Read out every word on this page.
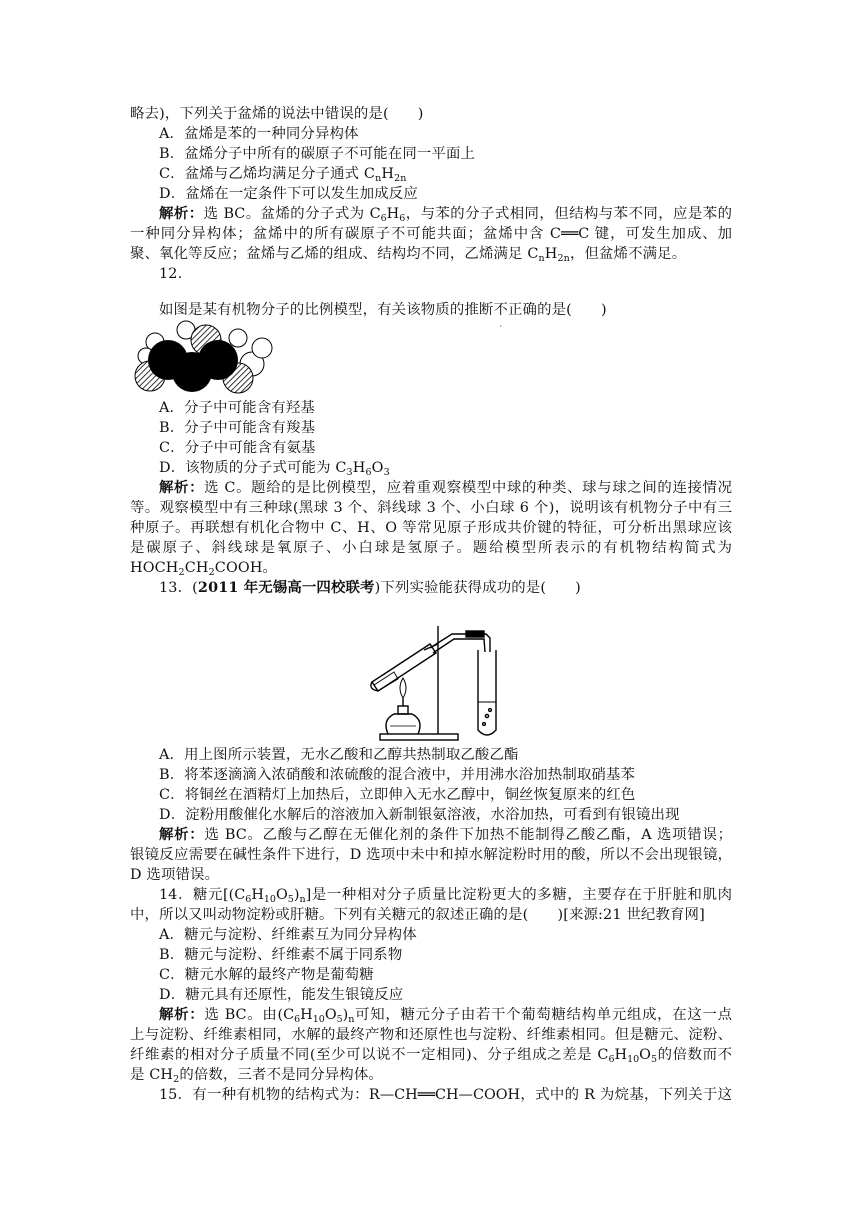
略去)，下列关于盆烯的说法中错误的是(　　)
A．盆烯是苯的一种同分异构体
B．盆烯分子中所有的碳原子不可能在同一平面上
C．盆烯与乙烯均满足分子通式 $C_nH_{2n}$
D．盆烯在一定条件下可以发生加成反应
解析：选 BC。盆烯的分子式为 $C_6H_6$，与苯的分子式相同，但结构与苯不同，应是苯的
一种同分异构体；盆烯中的所有碳原子不可能共面；盆烯中含 C══C 键，可发生加成、加
聚、氧化等反应；盆烯与乙烯的组成、结构均不同，乙烯满足 $C_nH_{2n}$，但盆烯不满足。
12.
如图是某有机物分子的比例模型，有关该物质的推断不
·
正确的是(　　)
A．分子中可能含有羟基
B．分子中可能含有羧基
C．分子中可能含有氨基
D．该物质的分子式可能为 $C_3H_6O_3$
解析：选 C。题给的是比例模型，应着重观察模型中球的种类、球与球之间的连接情况
等。观察模型中有三种球(黑球 3 个、斜线球 3 个、小白球 6 个)，说明该有机物分子中有三
种原子。再联想有机化合物中 C、H、O 等常见原子形成共价键的特征，可分析出黑球应该
是碳原子、斜线球是氧原子、小白球是氢原子。题给模型所表示的有机物结构简式为
$HOCH_2CH_2COOH$。
13．(2011 年无锡高一四校联考)下列实验能获得成功的是(　　)
A．用上图所示装置，无水乙酸和乙醇共热制取乙酸乙酯
B．将苯逐滴滴入浓硝酸和浓硫酸的混合液中，并用沸水浴加热制取硝基苯
C．将铜丝在酒精灯上加热后，立即伸入无水乙醇中，铜丝恢复原来的红色
D．淀粉用酸催化水解后的溶液加入新制银氨溶液，水浴加热，可看到有银镜出现
解析：选 BC。乙酸与乙醇在无催化剂的条件下加热不能制得乙酸乙酯，A 选项错误；
银镜反应需要在碱性条件下进行，D 选项中未中和掉水解淀粉时用的酸，所以不会出现银镜，
D 选项错误。
14．糖元$[(C_6H_{10}O_5)_n]$是一种相对分子质量比淀粉更大的多糖，主要存在于肝脏和肌肉
中，所以又叫动物淀粉或肝糖。下列有关糖元的叙述正确的是(　　)[来源:21 世纪教育网]
A．糖元与淀粉、纤维素互为同分异构体
B．糖元与淀粉、纤维素不属于同系物
C．糖元水解的最终产物是葡萄糖
D．糖元具有还原性，能发生银镜反应
解析：选 BC。由$(C_6H_{10}O_5)_n$可知，糖元分子由若干个葡萄糖结构单元组成，在这一点
上与淀粉、纤维素相同，水解的最终产物和还原性也与淀粉、纤维素相同。但是糖元、淀粉、
纤维素的相对分子质量不同(至少可以说不一定相同)、分子组成之差是 $C_6H_{10}O_5$的倍数而不
是 $CH_2$的倍数，三者不是同分异构体。
15．有一种有机物的结构式为：R—CH══CH—COOH，式中的 R 为烷基，下列关于这
